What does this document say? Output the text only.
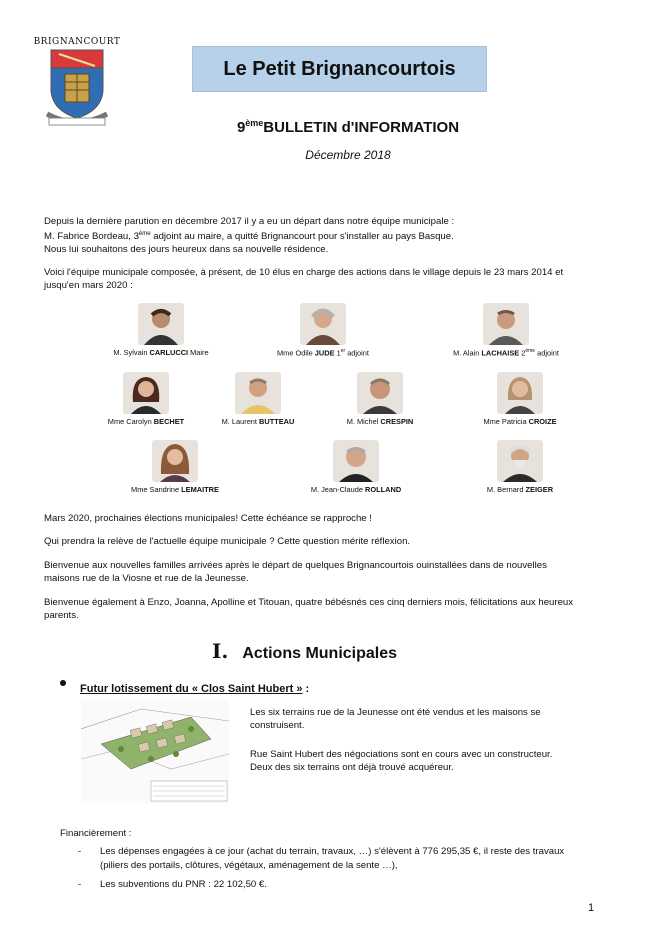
BRIGNANCOURT
Le Petit Brignancourtois
9èmeBULLETIN d'INFORMATION
Décembre 2018
Depuis la dernière parution en décembre 2017 il y a eu un départ dans notre équipe municipale :
M. Fabrice Bordeau, 3ème adjoint au maire, a quitté Brignancourt pour s'installer au pays Basque.
Nous lui souhaitons des jours heureux dans sa nouvelle résidence.
Voici l'équipe municipale composée, à présent, de 10 élus en charge des actions dans le village depuis le 23 mars 2014 et
jusqu'en mars 2020 :
M. Sylvain CARLUCCI Maire	Mme Odile JUDE 1er adjoint	M. Alain LACHAISE 2ème adjoint
Mme Carolyn BECHET	M. Laurent BUTTEAU	M. Michel CRESPIN	Mme Patricia CROIZE
Mme Sandrine LEMAITRE	M. Jean-Claude ROLLAND	M. Bernard ZEIGER
Mars 2020, prochaines élections municipales! Cette échéance se rapproche !
Qui prendra la relève de l'actuelle équipe municipale ? Cette question mérite réflexion.
Bienvenue aux nouvelles familles arrivées après le départ de quelques Brignancourtois ouinstallées dans de nouvelles
maisons rue de la Viosne et rue de la Jeunesse.
Bienvenue également à Enzo, Joanna, Apolline et Titouan, quatre bébésnés ces cinq derniers mois, félicitations aux heureux
parents.
I. Actions Municipales
Futur lotissement du « Clos Saint Hubert » :
Les six terrains rue de la Jeunesse ont été vendus et les maisons se
construisent.
Rue Saint Hubert des négociations sont en cours avec un constructeur.
Deux des six terrains ont déjà trouvé acquéreur.
Financièrement :
- Les dépenses engagées à ce jour (achat du terrain, travaux, …) s'élèvent à 776 295,35 €, il reste des travaux
(piliers des portails, clôtures, végétaux, aménagement de la sente …),
- Les subventions du PNR : 22 102,50 €.
1
